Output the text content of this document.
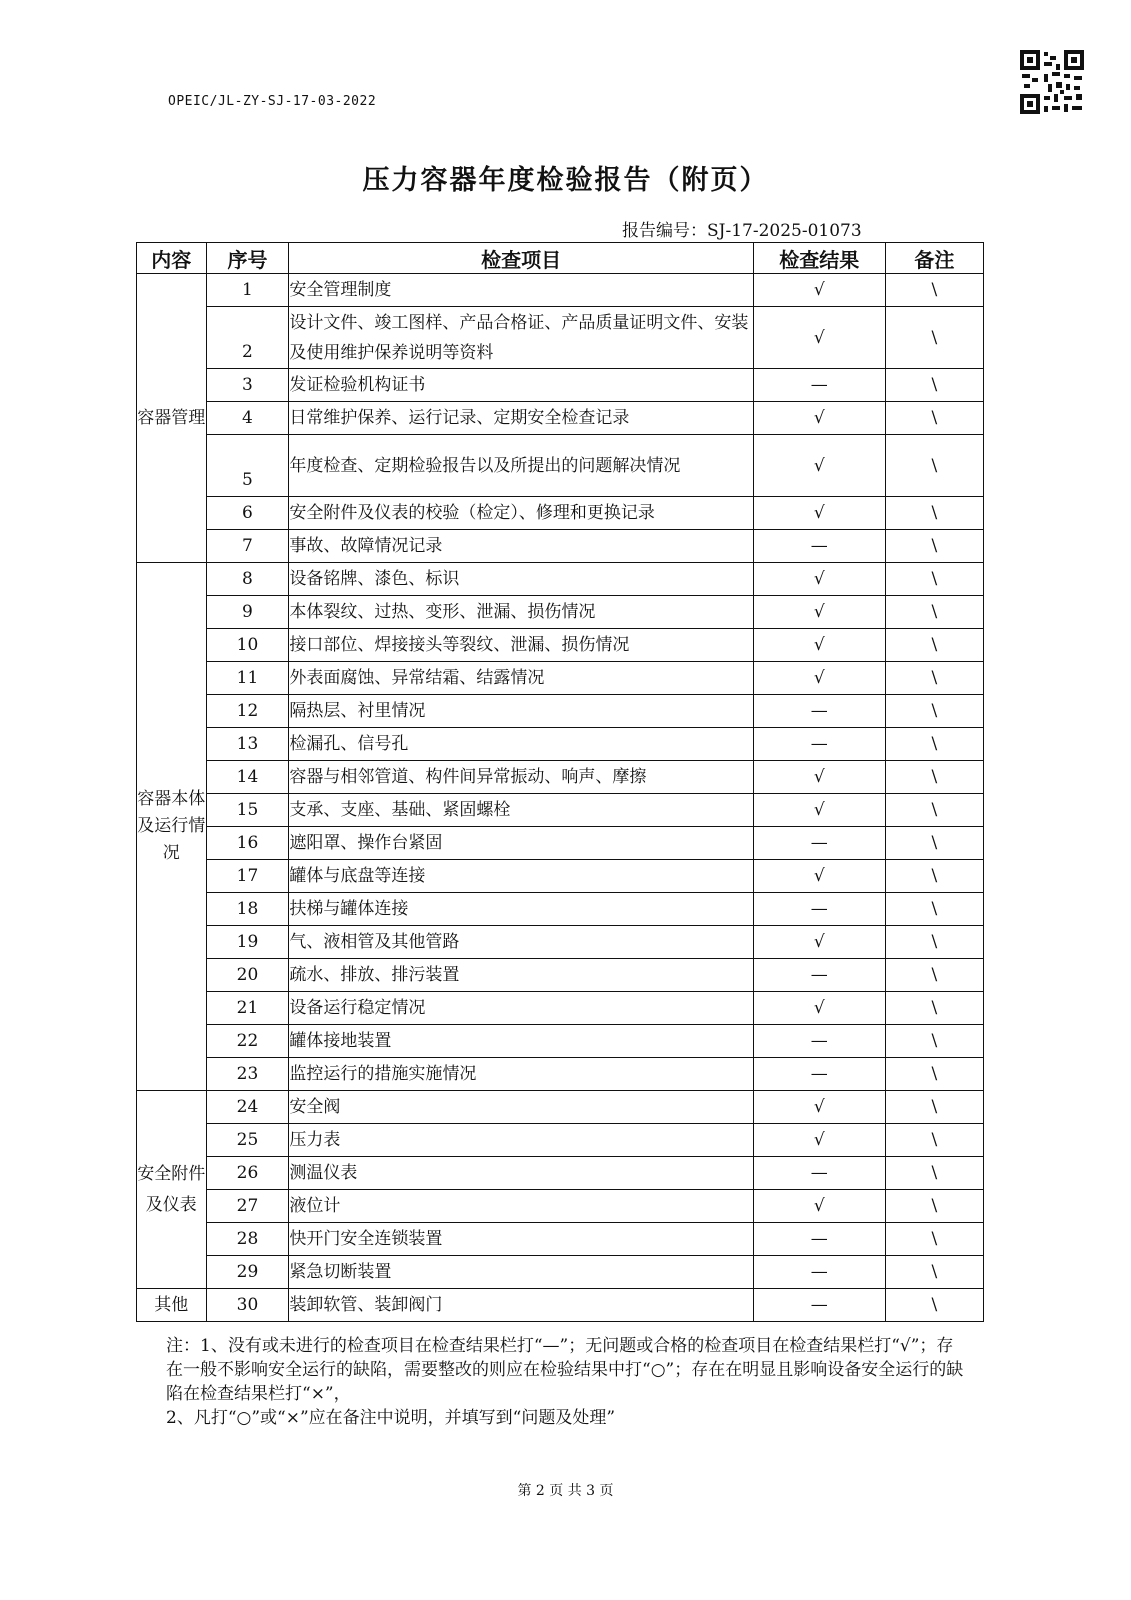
OPEIC/JL-ZY-SJ-17-03-2022
压力容器年度检验报告（附页）
报告编号：SJ-17-2025-01073
内容	序号	检查项目	检查结果	备注
容器管理	1	安全管理制度	√	\
	2	设计文件、竣工图样、产品合格证、产品质量证明文件、安装及使用维护保养说明等资料	√	\
	3	发证检验机构证书	—	\
	4	日常维护保养、运行记录、定期安全检查记录	√	\
	5	年度检查、定期检验报告以及所提出的问题解决情况	√	\
	6	安全附件及仪表的校验（检定）、修理和更换记录	√	\
	7	事故、故障情况记录	—	\
容器本体及运行情况	8	设备铭牌、漆色、标识	√	\
	9	本体裂纹、过热、变形、泄漏、损伤情况	√	\
	10	接口部位、焊接接头等裂纹、泄漏、损伤情况	√	\
	11	外表面腐蚀、异常结霜、结露情况	√	\
	12	隔热层、衬里情况	—	\
	13	检漏孔、信号孔	—	\
	14	容器与相邻管道、构件间异常振动、响声、摩擦	√	\
	15	支承、支座、基础、紧固螺栓	√	\
	16	遮阳罩、操作台紧固	—	\
	17	罐体与底盘等连接	√	\
	18	扶梯与罐体连接	—	\
	19	气、液相管及其他管路	√	\
	20	疏水、排放、排污装置	—	\
	21	设备运行稳定情况	√	\
	22	罐体接地装置	—	\
	23	监控运行的措施实施情况	—	\
安全附件及仪表	24	安全阀	√	\
	25	压力表	√	\
	26	测温仪表	—	\
	27	液位计	√	\
	28	快开门安全连锁装置	—	\
	29	紧急切断装置	—	\
其他	30	装卸软管、装卸阀门	—	\
注：1、没有或未进行的检查项目在检查结果栏打“—”；无问题或合格的检查项目在检查结果栏打“√”；存在一般不影响安全运行的缺陷，需要整改的则应在检验结果中打“○”；存在在明显且影响设备安全运行的缺陷在检查结果栏打“×”，
2、凡打“○”或“×”应在备注中说明，并填写到“问题及处理”
第 2 页 共 3 页
